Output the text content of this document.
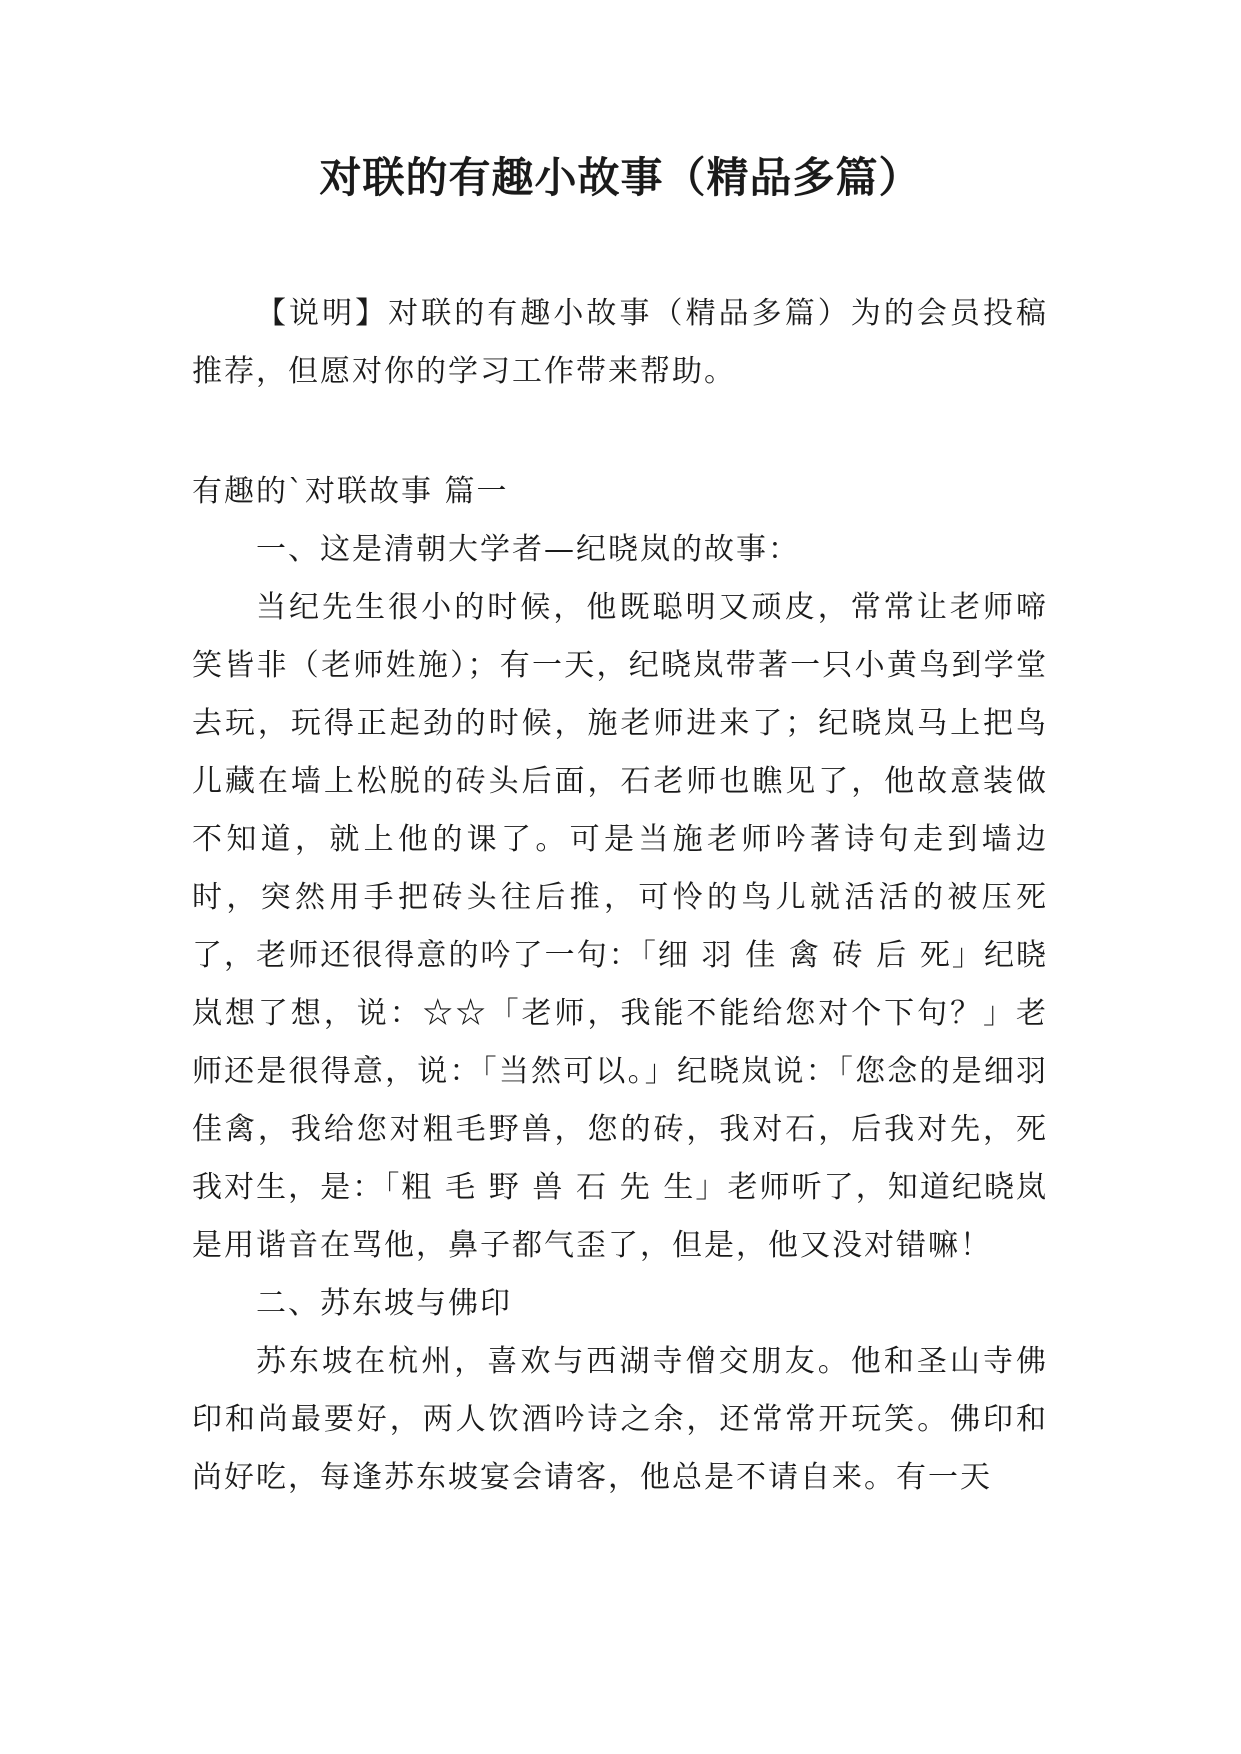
对联的有趣小故事（精品多篇）

【说明】对联的有趣小故事（精品多篇）为的会员投稿推荐，但愿对你的学习工作带来帮助。

有趣的`对联故事 篇一

一、这是清朝大学者—纪晓岚的故事：

当纪先生很小的时候，他既聪明又顽皮，常常让老师啼笑皆非（老师姓施）；有一天，纪晓岚带著一只小黄鸟到学堂去玩，玩得正起劲的时候，施老师进来了；纪晓岚马上把鸟儿藏在墙上松脱的砖头后面，石老师也瞧见了，他故意装做不知道，就上他的课了。可是当施老师吟著诗句走到墙边时，突然用手把砖头往后推，可怜的鸟儿就活活的被压死了，老师还很得意的吟了一句：「细 羽 佳 禽 砖 后 死」纪晓岚想了想，说：☆☆「老师，我能不能给您对个下句？」老师还是很得意，说：「当然可以。」纪晓岚说：「您念的是细羽佳禽，我给您对粗毛野兽，您的砖，我对石，后我对先，死我对生，是：「粗 毛 野 兽 石 先 生」老师听了，知道纪晓岚是用谐音在骂他，鼻子都气歪了，但是，他又没对错嘛！

二、苏东坡与佛印

苏东坡在杭州，喜欢与西湖寺僧交朋友。他和圣山寺佛印和尚最要好，两人饮酒吟诗之余，还常常开玩笑。佛印和尚好吃，每逢苏东坡宴会请客，他总是不请自来。有一天
